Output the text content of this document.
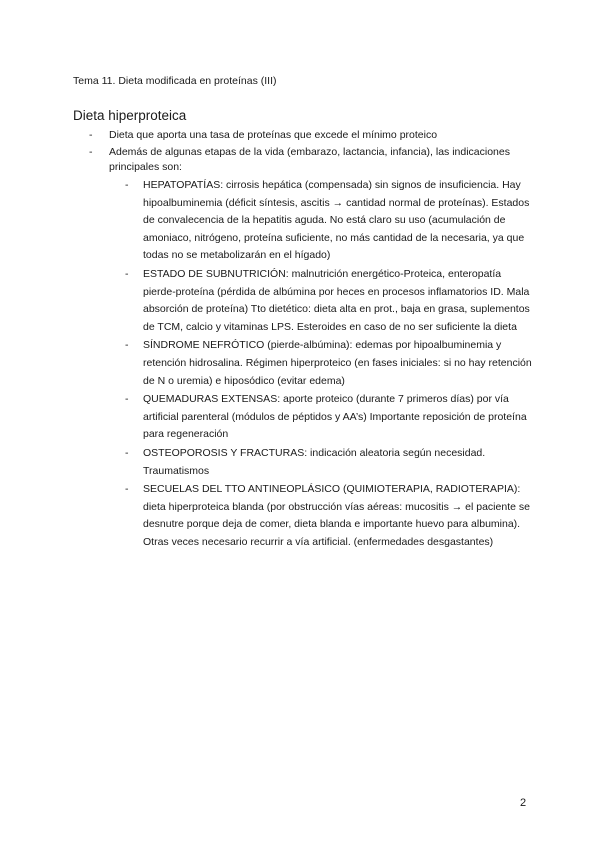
Tema 11. Dieta modificada en proteínas (III)
Dieta hiperproteica
- Dieta que aporta una tasa de proteínas que excede el mínimo proteico
- Además de algunas etapas de la vida (embarazo, lactancia, infancia), las indicaciones principales son:
- HEPATOPATÍAS: cirrosis hepática (compensada) sin signos de insuficiencia. Hay hipoalbuminemia (déficit síntesis, ascitis → cantidad normal de proteínas). Estados de convalecencia de la hepatitis aguda. No está claro su uso (acumulación de amoniaco, nitrógeno, proteína suficiente, no más cantidad de la necesaria, ya que todas no se metabolizarán en el hígado)
- ESTADO DE SUBNUTRICIÓN: malnutrición energético-Proteica, enteropatía pierde-proteína (pérdida de albúmina por heces en procesos inflamatorios ID. Mala absorción de proteína) Tto dietético: dieta alta en prot., baja en grasa, suplementos de TCM, calcio y vitaminas LPS. Esteroides en caso de no ser suficiente la dieta
- SÍNDROME NEFRÓTICO (pierde-albúmina): edemas por hipoalbuminemia y retención hidrosalina. Régimen hiperproteico (en fases iniciales: si no hay retención de N o uremia) e hiposódico (evitar edema)
- QUEMADURAS EXTENSAS: aporte proteico (durante 7 primeros días) por vía artificial parenteral (módulos de péptidos y AA’s) Importante reposición de proteína para regeneración
- OSTEOPOROSIS Y FRACTURAS: indicación aleatoria según necesidad. Traumatismos
- SECUELAS DEL TTO ANTINEOPLÁSICO (QUIMIOTERAPIA, RADIOTERAPIA): dieta hiperproteica blanda (por obstrucción vías aéreas: mucositis → el paciente se desnutre porque deja de comer, dieta blanda e importante huevo para albumina). Otras veces necesario recurrir a vía artificial. (enfermedades desgastantes)
2
